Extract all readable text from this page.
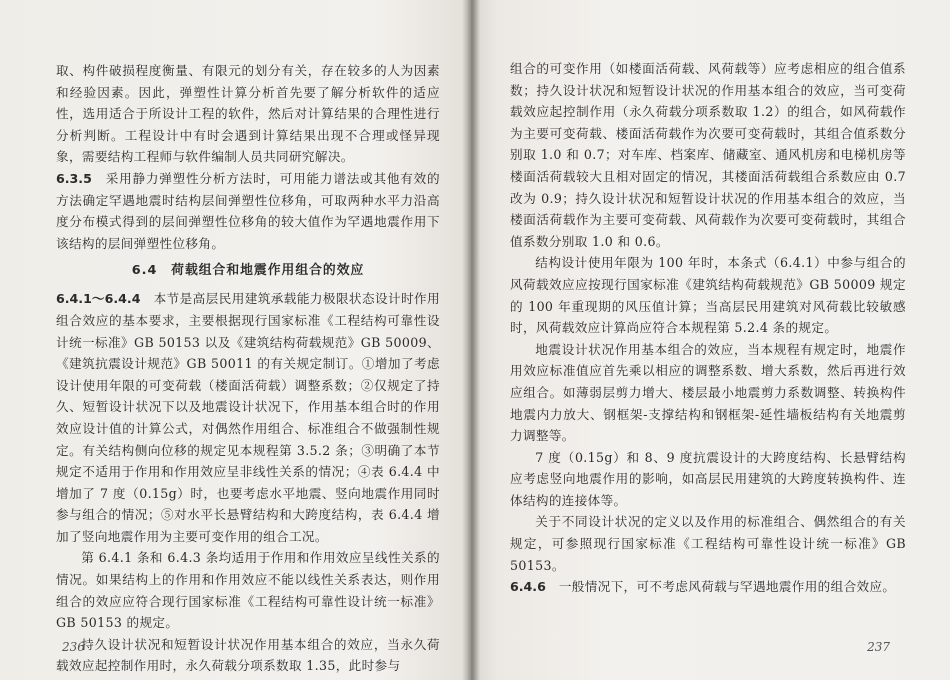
取、构件破损程度衡量、有限元的划分有关，存在较多的人为因素和经验因素。因此，弹塑性计算分析首先要了解分析软件的适应性，选用适合于所设计工程的软件，然后对计算结果的合理性进行分析判断。工程设计中有时会遇到计算结果出现不合理或怪异现象，需要结构工程师与软件编制人员共同研究解决。

6.3.5　 采用静力弹塑性分析方法时，可用能力谱法或其他有效的方法确定罕遇地震时结构层间弹塑性位移角，可取两种水平力沿高度分布模式得到的层间弹塑性位移角的较大值作为罕遇地震作用下该结构的层间弹塑性位移角。

6.4　荷载组合和地震作用组合的效应

6.4.1～6.4.4　 本节是高层民用建筑承载能力极限状态设计时作用组合效应的基本要求，主要根据现行国家标准《工程结构可靠性设计统一标准》GB 50153 以及《建筑结构荷载规范》GB 50009、《建筑抗震设计规范》GB 50011 的有关规定制订。①增加了考虑设计使用年限的可变荷载（楼面活荷载）调整系数；②仅规定了持久、短暂设计状况下以及地震设计状况下，作用基本组合时的作用效应设计值的计算公式，对偶然作用组合、标准组合不做强制性规定。有关结构侧向位移的规定见本规程第 3.5.2 条；③明确了本节规定不适用于作用和作用效应呈非线性关系的情况；④表 6.4.4 中增加了 7 度（0.15g）时，也要考虑水平地震、竖向地震作用同时参与组合的情况；⑤对水平长悬臂结构和大跨度结构，表 6.4.4 增加了竖向地震作用为主要可变作用的组合工况。

第 6.4.1 条和 6.4.3 条均适用于作用和作用效应呈线性关系的情况。如果结构上的作用和作用效应不能以线性关系表达，则作用组合的效应应符合现行国家标准《工程结构可靠性设计统一标准》GB 50153 的规定。

持久设计状况和短暂设计状况作用基本组合的效应，当永久荷载效应起控制作用时，永久荷载分项系数取 1.35，此时参与

236

组合的可变作用（如楼面活荷载、风荷载等）应考虑相应的组合值系数；持久设计状况和短暂设计状况的作用基本组合的效应，当可变荷载效应起控制作用（永久荷载分项系数取 1.2）的组合，如风荷载作为主要可变荷载、楼面活荷载作为次要可变荷载时，其组合值系数分别取 1.0 和 0.7；对车库、档案库、储藏室、通风机房和电梯机房等楼面活荷载较大且相对固定的情况，其楼面活荷载组合系数应由 0.7 改为 0.9；持久设计状况和短暂设计状况的作用基本组合的效应，当楼面活荷载作为主要可变荷载、风荷载作为次要可变荷载时，其组合值系数分别取 1.0 和 0.6。

结构设计使用年限为 100 年时，本条式（6.4.1）中参与组合的风荷载效应应按现行国家标准《建筑结构荷载规范》GB 50009 规定的 100 年重现期的风压值计算；当高层民用建筑对风荷载比较敏感时，风荷载效应计算尚应符合本规程第 5.2.4 条的规定。

地震设计状况作用基本组合的效应，当本规程有规定时，地震作用效应标准值应首先乘以相应的调整系数、增大系数，然后再进行效应组合。如薄弱层剪力增大、楼层最小地震剪力系数调整、转换构件地震内力放大、钢框架-支撑结构和钢框架-延性墙板结构有关地震剪力调整等。

7 度（0.15g）和 8、9 度抗震设计的大跨度结构、长悬臂结构应考虑竖向地震作用的影响，如高层民用建筑的大跨度转换构件、连体结构的连接体等。

关于不同设计状况的定义以及作用的标准组合、偶然组合的有关规定，可参照现行国家标准《工程结构可靠性设计统一标准》GB 50153。

6.4.6　 一般情况下，可不考虑风荷载与罕遇地震作用的组合效应。

237
